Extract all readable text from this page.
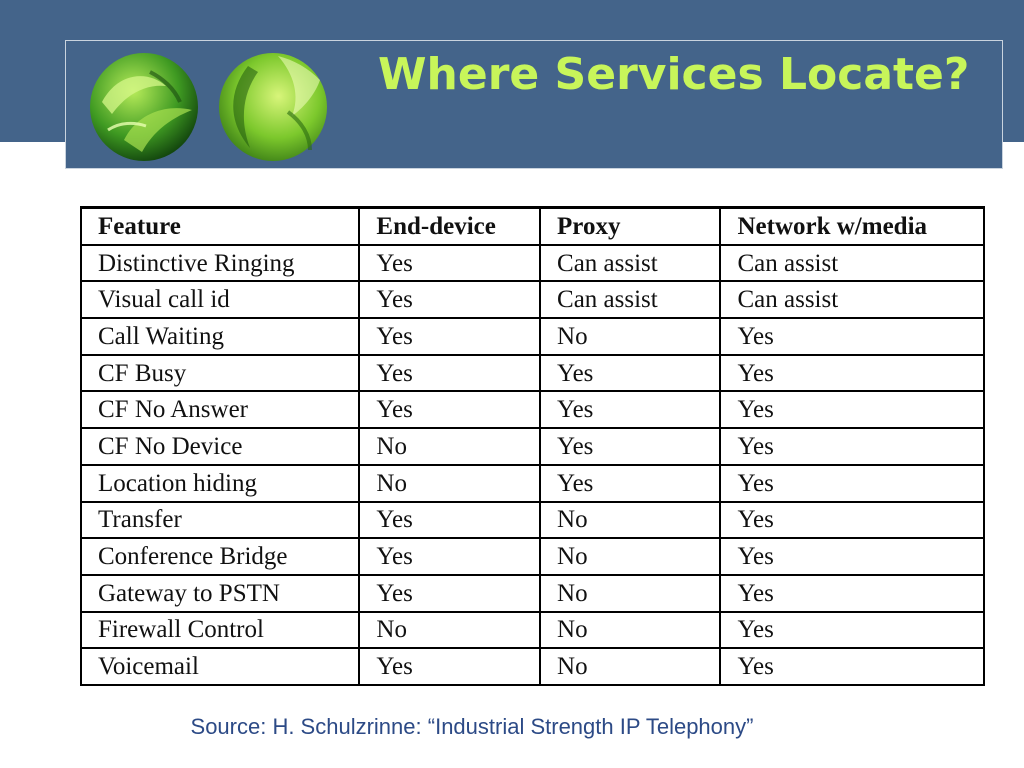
Where Services Locate?
Feature	End-device	Proxy	Network w/media
Distinctive Ringing	Yes	Can assist	Can assist
Visual call id	Yes	Can assist	Can assist
Call Waiting	Yes	No	Yes
CF Busy	Yes	Yes	Yes
CF No Answer	Yes	Yes	Yes
CF No Device	No	Yes	Yes
Location hiding	No	Yes	Yes
Transfer	Yes	No	Yes
Conference Bridge	Yes	No	Yes
Gateway to PSTN	Yes	No	Yes
Firewall Control	No	No	Yes
Voicemail	Yes	No	Yes
Source: H. Schulzrinne: “Industrial Strength IP Telephony”
